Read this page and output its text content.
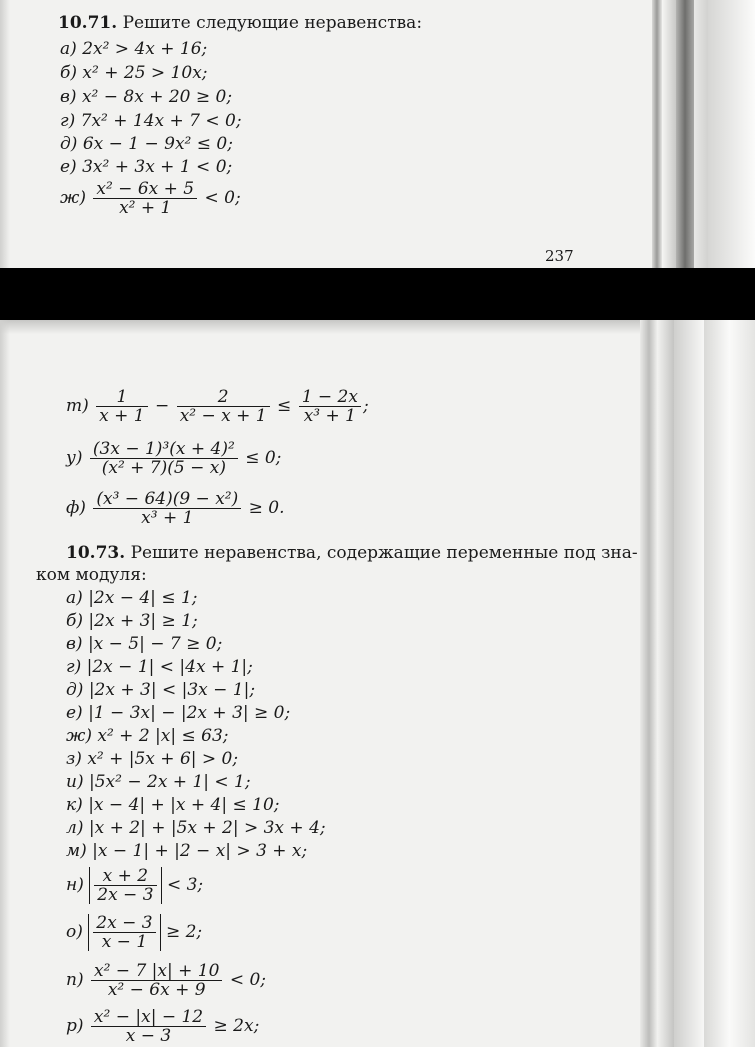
10.71. Решите следующие неравенства:
а) 2x² > 4x + 16;
б) x² + 25 > 10x;
в) x² − 8x + 20 ≥ 0;
г) 7x² + 14x + 7 < 0;
д) 6x − 1 − 9x² ≤ 0;
е) 3x² + 3x + 1 < 0;
$ж) \frac{\text{x² − 6x + 5}}{\text{x² + 1}} < 0$;
237
$т) \frac{1}{x + 1} - \frac{2}{\text{x² − x + 1}} \le \frac{1 - 2x}{\text{x³ + 1}}$ ;
$у) \frac{\text{(3x − 1)³(x + 4)²}}{\text{(x² + 7)(5 − x)}} \le 0$;
$ф) \frac{\text{(x³ − 64)(9 − x²)}}{\text{x³ + 1}} \ge 0$.
10.73. Решите неравенства, содержащие переменные под зна-
ком модуля:
а) |2x − 4| ≤ 1;
б) |2x + 3| ≥ 1;
в) |x − 5| − 7 ≥ 0;
г) |2x − 1| < |4x + 1|;
д) |2x + 3| < |3x − 1|;
е) |1 − 3x| − |2x + 3| ≥ 0;
ж) x² + 2 |x| ≤ 63;
з) x² + |5x + 6| > 0;
и) |5x² − 2x + 1| < 1;
к) |x − 4| + |x + 4| ≤ 10;
л) |x + 2| + |5x + 2| > 3x + 4;
м) |x − 1| + |2 − x| > 3 + x;
$н) \frac{x + 2}{2x - 3} < 3$;
$о) \frac{2x - 3}{x - 1} \ge 2$;
$п) \frac{\text{x² − 7 |x| + 10}}{\text{x² − 6x + 9}} < 0$;
$р) \frac{\text{x² − |x| − 12}}{x - 3} \ge 2x$;
